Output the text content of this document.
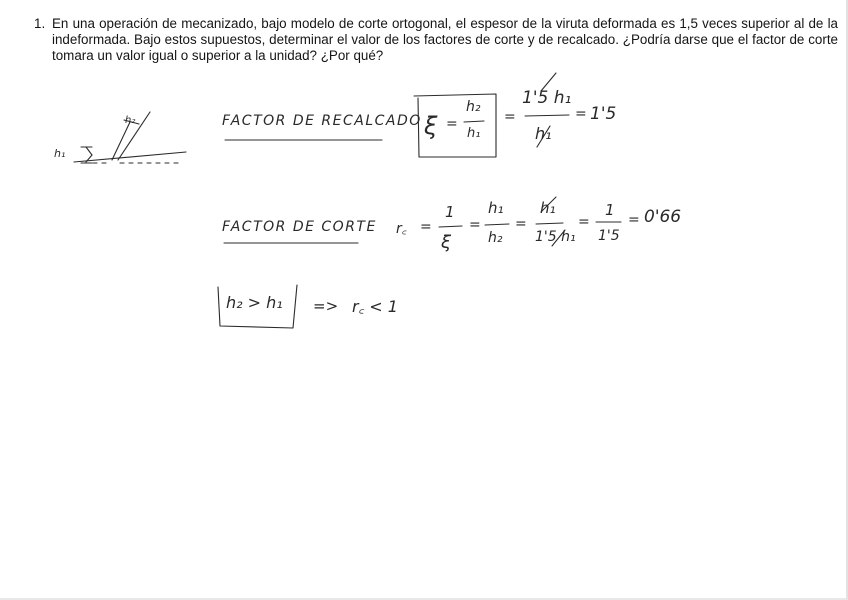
1. En una operación de mecanizado, bajo modelo de corte ortogonal, el espesor de la viruta deformada es 1,5 veces superior al de la indeformada. Bajo estos supuestos, determinar el valor de los factores de corte y de recalcado. ¿Podría darse que el factor de corte tomara un valor igual o superior a la unidad? ¿Por qué?
h₁
h₂	FACTOR DE RECALCADO ξ =
h₂
h₁
=
1'5 h₁
h₁
= 1'5
FACTOR DE CORTE r꜀ =
1
ξ
=
h₁
h₂
=
h₁
1'5 h₁
=
1
1'5
= 0'66
h₂ > h₁ => r꜀ < 1
